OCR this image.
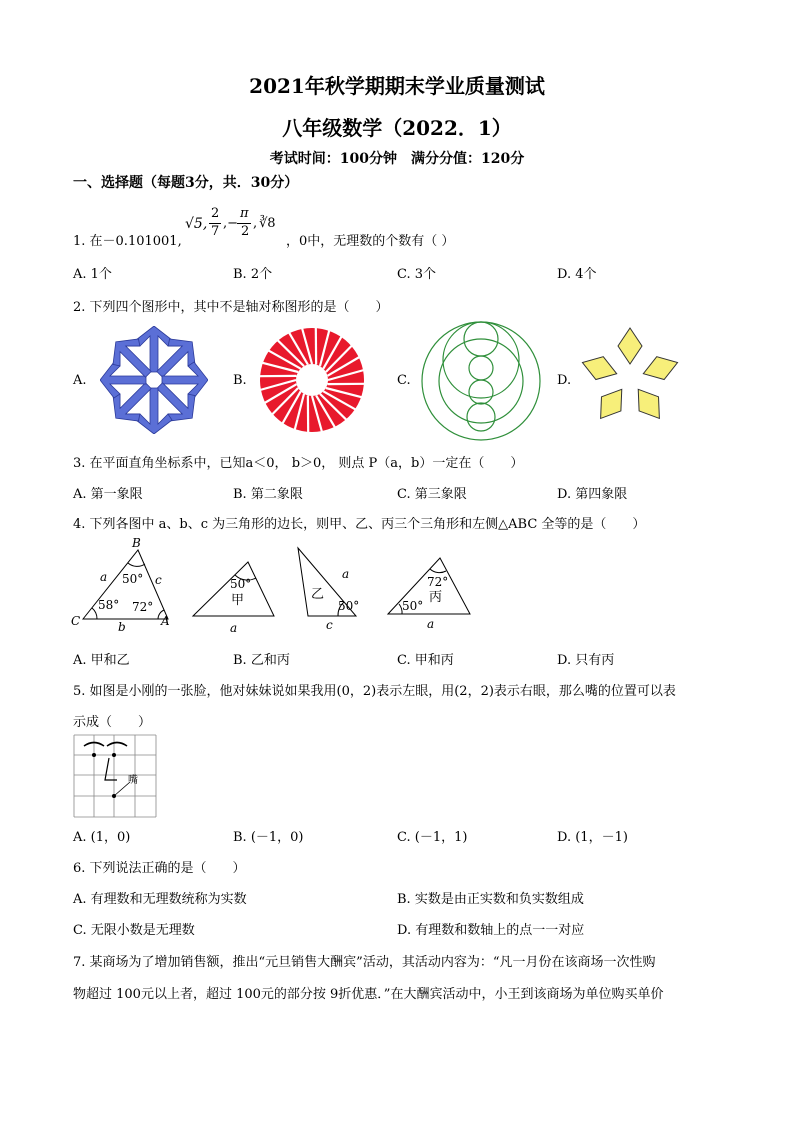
2021年秋学期期末学业质量测试
八年级数学（2022．1）
考试时间：100分钟　满分分值：120分
一、选择题（每题3分，共．30分）
1. 在－0.101001,
√5,
2
7
,−
π
2
, ∛8
，0中，无理数的个数有（ ）
A. 1个	B. 2个	C. 3个	D. 4个
2. 下列四个图形中，其中不是轴对称图形的是（　　）
A.	B.	C.	D.
3. 在平面直角坐标系中，已知a＜0， b＞0， 则点 P（a，b）一定在（　　）
A. 第一象限	B. 第二象限	C. 第三象限	D. 第四象限
4. 下列各图中 a、b、c 为三角形的边长，则甲、乙、丙三个三角形和左侧△ABC 全等的是（　　）
B
C	A
a	c
b
50°
58° 72°
50°
甲
a
乙
a
50°
c
72°
丙
50°
a
A. 甲和乙	B. 乙和丙	C. 甲和丙	D. 只有丙
5. 如图是小刚的一张脸，他对妹妹说如果我用(0，2)表示左眼，用(2，2)表示右眼，那么嘴的位置可以表
示成（　　）
嘴
A. (1，0)	B. (－1，0)	C. (－1，1)	D. (1，－1)
6. 下列说法正确的是（　　）
A. 有理数和无理数统称为实数	B. 实数是由正实数和负实数组成
C. 无限小数是无理数	D. 有理数和数轴上的点一一对应
7. 某商场为了增加销售额，推出“元旦销售大酬宾”活动，其活动内容为：“凡一月份在该商场一次性购
物超过 100元以上者，超过 100元的部分按 9折优惠．”在大酬宾活动中，小王到该商场为单位购买单价
